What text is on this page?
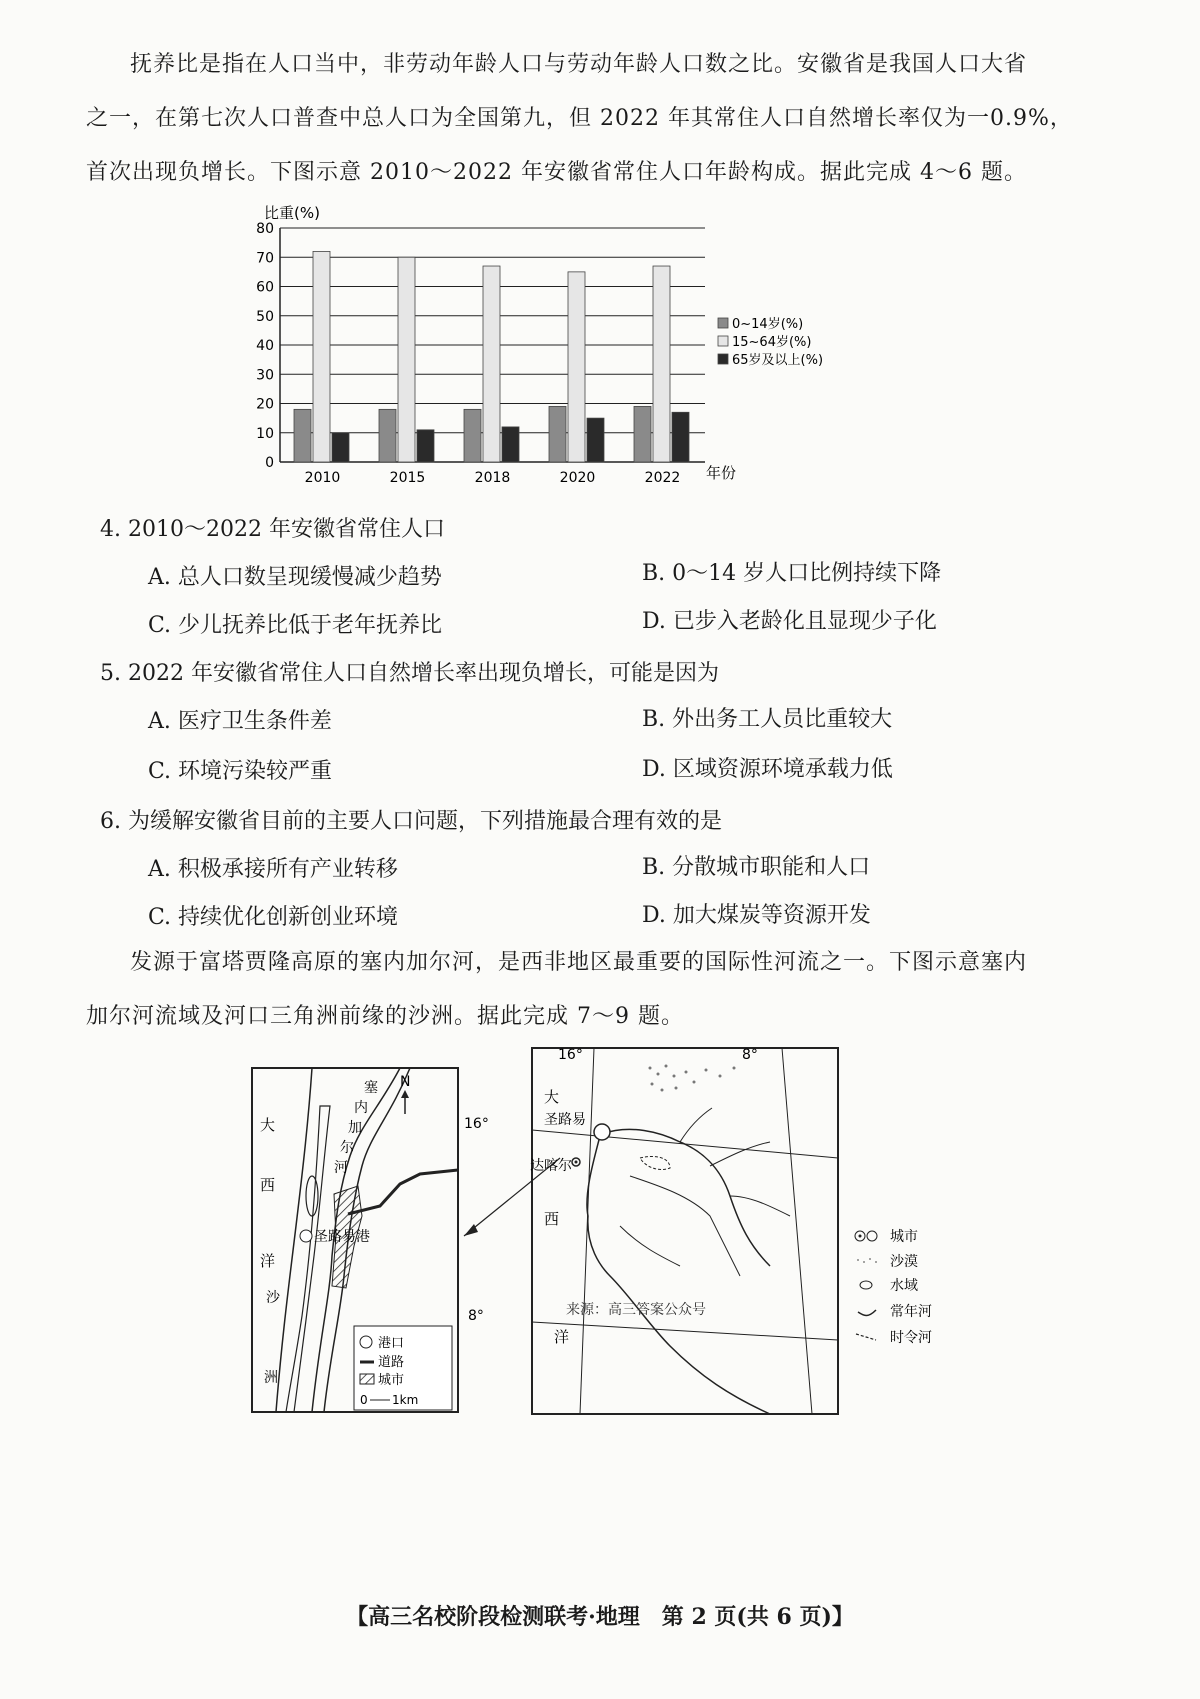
抚养比是指在人口当中，非劳动年龄人口与劳动年龄人口数之比。安徽省是我国人口大省
之一，在第七次人口普查中总人口为全国第九，但 2022 年其常住人口自然增长率仅为一0.9%，
首次出现负增长。下图示意 2010～2022 年安徽省常住人口年龄构成。据此完成 4～6 题。
比重(%)
年份
0
10
20
30
40
50
60
70
80
2010	2015	2018	2020	2022
0~14岁(%)
15~64岁(%)
65岁及以上(%)
4. 2010～2022 年安徽省常住人口
A. 总人口数呈现缓慢减少趋势	B. 0～14 岁人口比例持续下降
C. 少儿抚养比低于老年抚养比	D. 已步入老龄化且显现少子化
5. 2022 年安徽省常住人口自然增长率出现负增长，可能是因为
A. 医疗卫生条件差	B. 外出务工人员比重较大
C. 环境污染较严重	D. 区域资源环境承载力低
6. 为缓解安徽省目前的主要人口问题，下列措施最合理有效的是
A. 积极承接所有产业转移	B. 分散城市职能和人口
C. 持续优化创新创业环境	D. 加大煤炭等资源开发
发源于富塔贾隆高原的塞内加尔河，是西非地区最重要的国际性河流之一。下图示意塞内
加尔河流域及河口三角洲前缘的沙洲。据此完成 7～9 题。
N
大
西
洋
塞
内
加
尔
河
沙
洲
圣路易港
港口
道路
城市
0 1km
16°	8°
16°
8°
大
西
洋
圣路易
达喀尔
来源：高三答案公众号
城市
沙漠
水域
常年河
时令河
【高三名校阶段检测联考·地理　第 2 页(共 6 页)】
